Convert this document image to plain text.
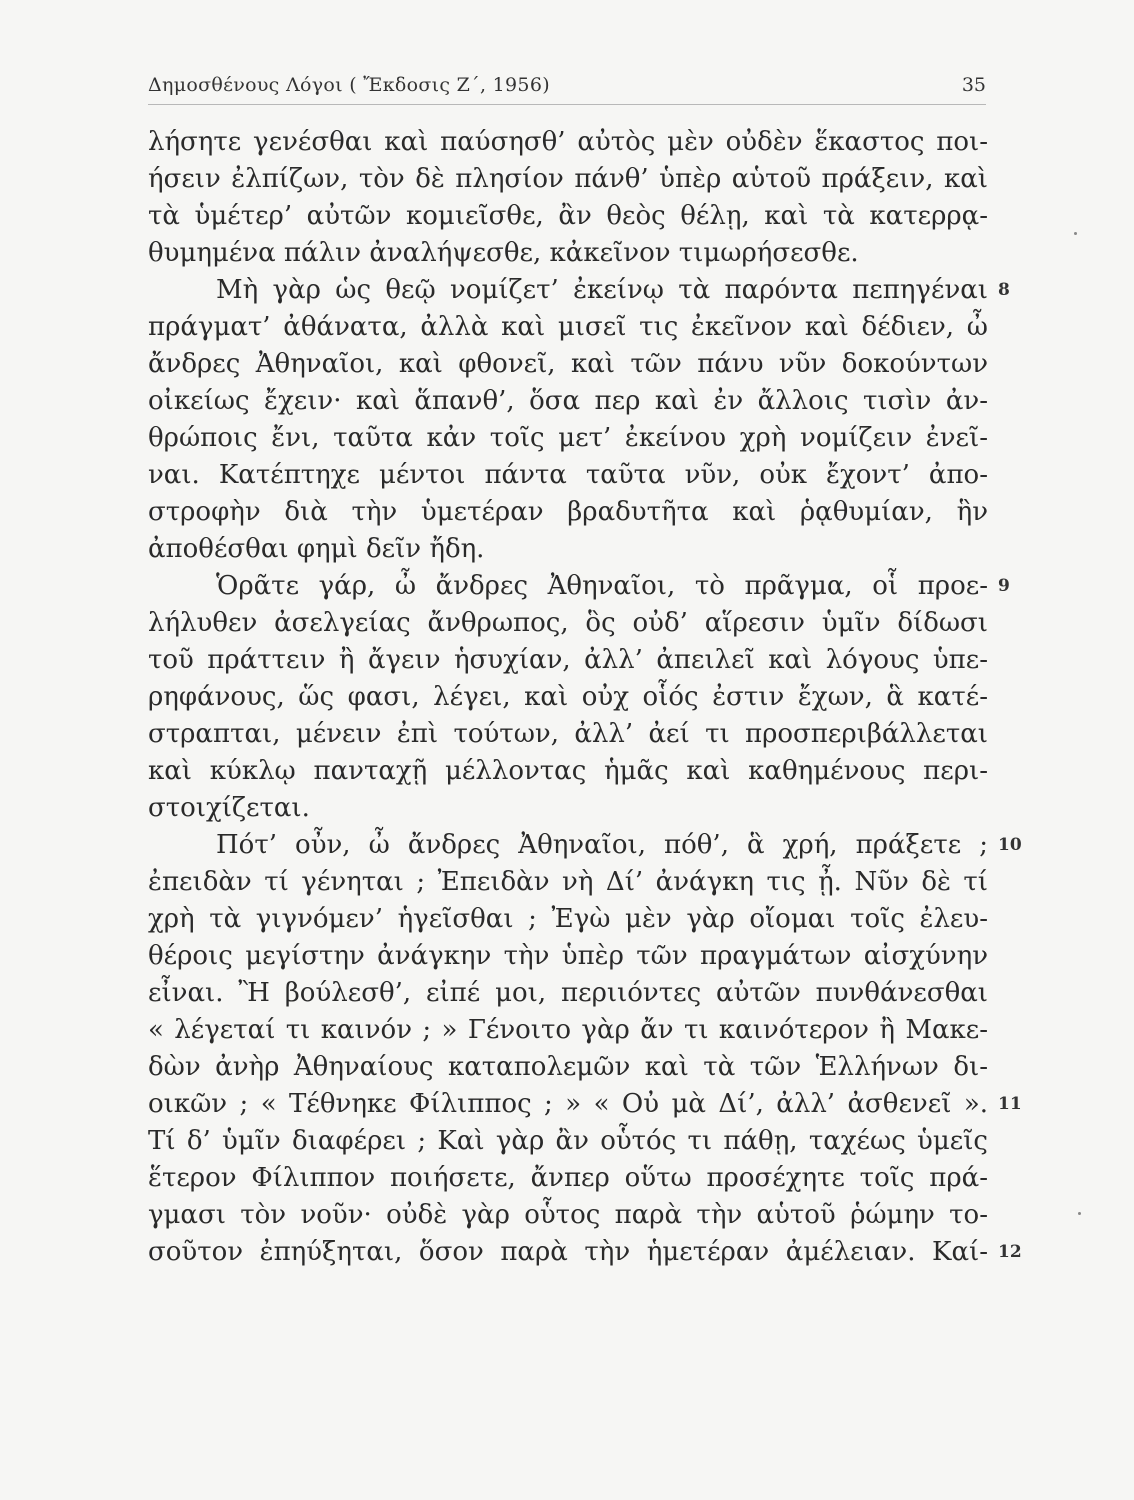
Δημοσθένους Λόγοι ( Ἔκδοσις Ζ΄, 1956)	35
λήσητε γενέσθαι καὶ παύσησθ’ αὐτὸς μὲν οὐδὲν ἕκαστος ποι-
ήσειν ἐλπίζων, τὸν δὲ πλησίον πάνθ’ ὑπὲρ αὑτοῦ πράξειν, καὶ
τὰ ὑμέτερ’ αὐτῶν κομιεῖσθε, ἂν θεὸς θέλῃ, καὶ τὰ κατερρᾳ-
θυμημένα πάλιν ἀναλήψεσθε, κἀκεῖνον τιμωρήσεσθε.
Μὴ γὰρ ὡς θεῷ νομίζετ’ ἐκείνῳ τὰ παρόντα πεπηγέναι 8
πράγματ’ ἀθάνατα, ἀλλὰ καὶ μισεῖ τις ἐκεῖνον καὶ δέδιεν, ὦ
ἄνδρες Ἀθηναῖοι, καὶ φθονεῖ, καὶ τῶν πάνυ νῦν δοκούντων
οἰκείως ἔχειν· καὶ ἅπανθ’, ὅσα περ καὶ ἐν ἄλλοις τισὶν ἀν-
θρώποις ἔνι, ταῦτα κἀν τοῖς μετ’ ἐκείνου χρὴ νομίζειν ἐνεῖ-
ναι. Κατέπτηχε μέντοι πάντα ταῦτα νῦν, οὐκ ἔχοντ’ ἀπο-
στροφὴν διὰ τὴν ὑμετέραν βραδυτῆτα καὶ ῥᾳθυμίαν, ἣν
ἀποθέσθαι φημὶ δεῖν ἤδη.
Ὁρᾶτε γάρ, ὦ ἄνδρες Ἀθηναῖοι, τὸ πρᾶγμα, οἷ προε- 9
λήλυθεν ἀσελγείας ἄνθρωπος, ὃς οὐδ’ αἵρεσιν ὑμῖν δίδωσι
τοῦ πράττειν ἢ ἄγειν ἡσυχίαν, ἀλλ’ ἀπειλεῖ καὶ λόγους ὑπε-
ρηφάνους, ὥς φασι, λέγει, καὶ οὐχ οἷός ἐστιν ἔχων, ἃ κατέ-
στραπται, μένειν ἐπὶ τούτων, ἀλλ’ ἀεί τι προσπεριβάλλεται
καὶ κύκλῳ πανταχῇ μέλλοντας ἡμᾶς καὶ καθημένους περι-
στοιχίζεται.
Πότ’ οὖν, ὦ ἄνδρες Ἀθηναῖοι, πόθ’, ἃ χρή, πράξετε ; 10
ἐπειδὰν τί γένηται ; Ἐπειδὰν νὴ Δί’ ἀνάγκη τις ᾖ. Νῦν δὲ τί
χρὴ τὰ γιγνόμεν’ ἡγεῖσθαι ; Ἐγὼ μὲν γὰρ οἴομαι τοῖς ἐλευ-
θέροις μεγίστην ἀνάγκην τὴν ὑπὲρ τῶν πραγμάτων αἰσχύνην
εἶναι. Ἢ βούλεσθ’, εἰπέ μοι, περιιόντες αὐτῶν πυνθάνεσθαι
« λέγεταί τι καινόν ; » Γένοιτο γὰρ ἄν τι καινότερον ἢ Μακε-
δὼν ἀνὴρ Ἀθηναίους καταπολεμῶν καὶ τὰ τῶν Ἑλλήνων δι-
οικῶν ; « Τέθνηκε Φίλιππος ; » « Οὐ μὰ Δί’, ἀλλ’ ἀσθενεῖ ». 11
Τί δ’ ὑμῖν διαφέρει ; Καὶ γὰρ ἂν οὗτός τι πάθῃ, ταχέως ὑμεῖς
ἕτερον Φίλιππον ποιήσετε, ἄνπερ οὕτω προσέχητε τοῖς πρά-
γμασι τὸν νοῦν· οὐδὲ γὰρ οὗτος παρὰ τὴν αὑτοῦ ῥώμην το-
σοῦτον ἐπηύξηται, ὅσον παρὰ τὴν ἡμετέραν ἀμέλειαν. Καί- 12
